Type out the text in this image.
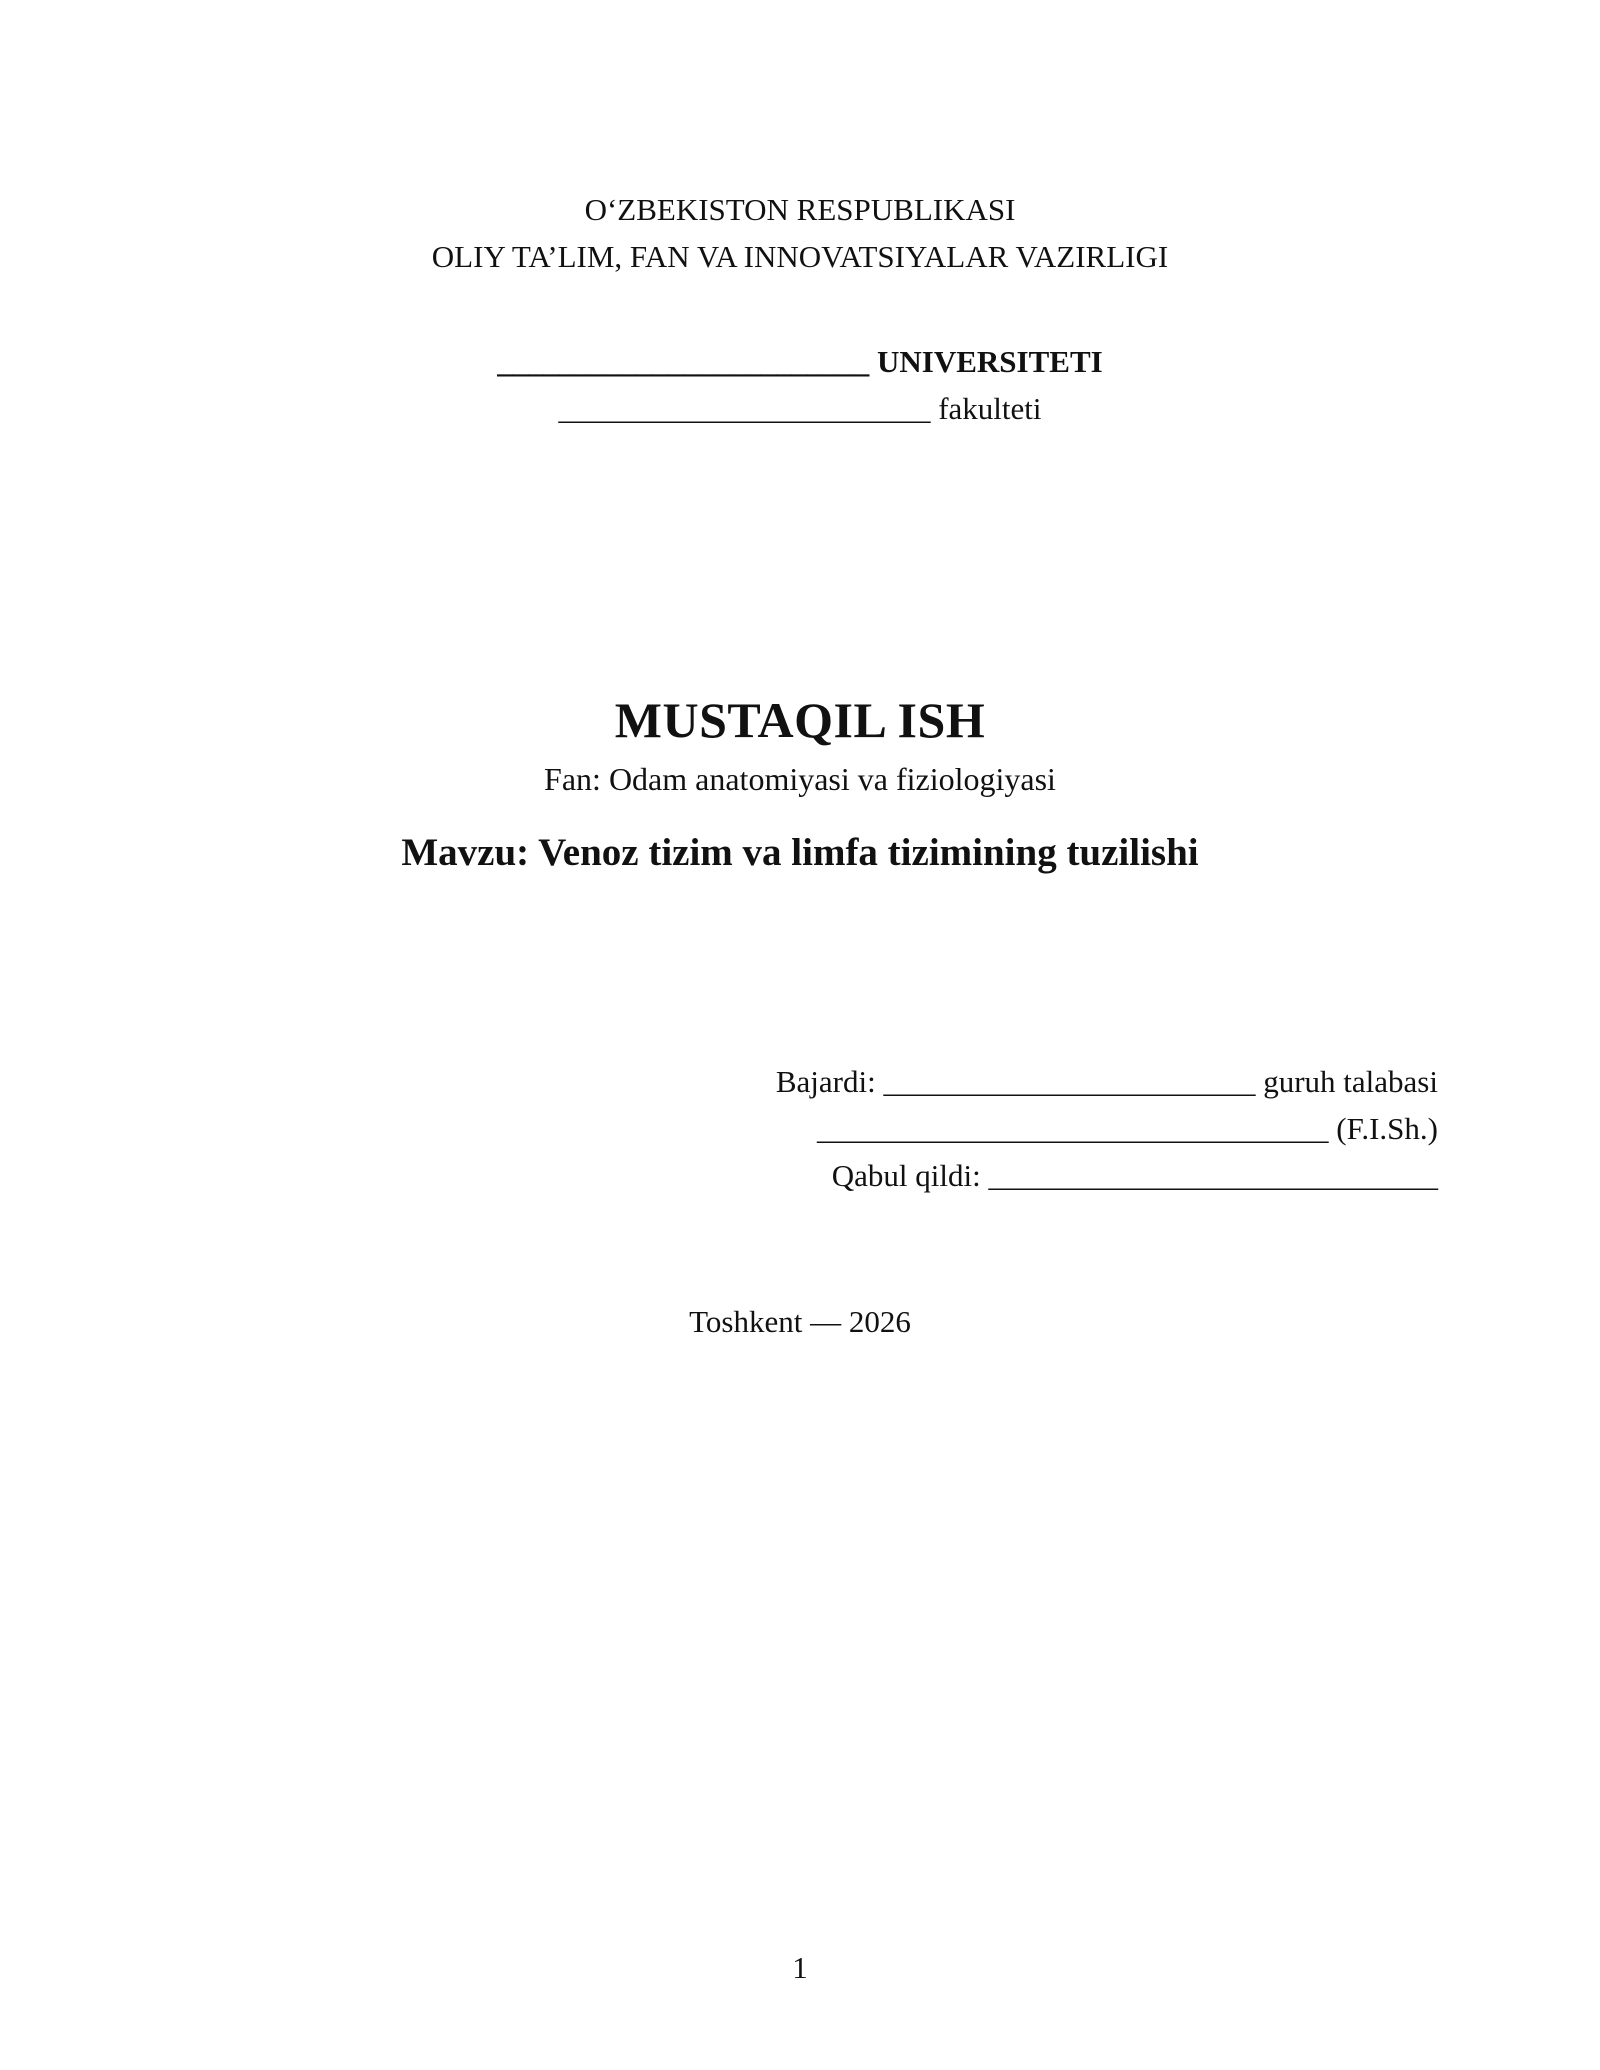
O‘ZBEKISTON RESPUBLIKASI
OLIY TA’LIM, FAN VA INNOVATSIYALAR VAZIRLIGI
________________________ UNIVERSITETI
________________________ fakulteti
MUSTAQIL ISH
Fan: Odam anatomiyasi va fiziologiyasi
Mavzu: Venoz tizim va limfa tizimining tuzilishi
Bajardi: ________________________ guruh talabasi
_________________________________ (F.I.Sh.)
Qabul qildi: _____________________________
Toshkent — 2026
1
